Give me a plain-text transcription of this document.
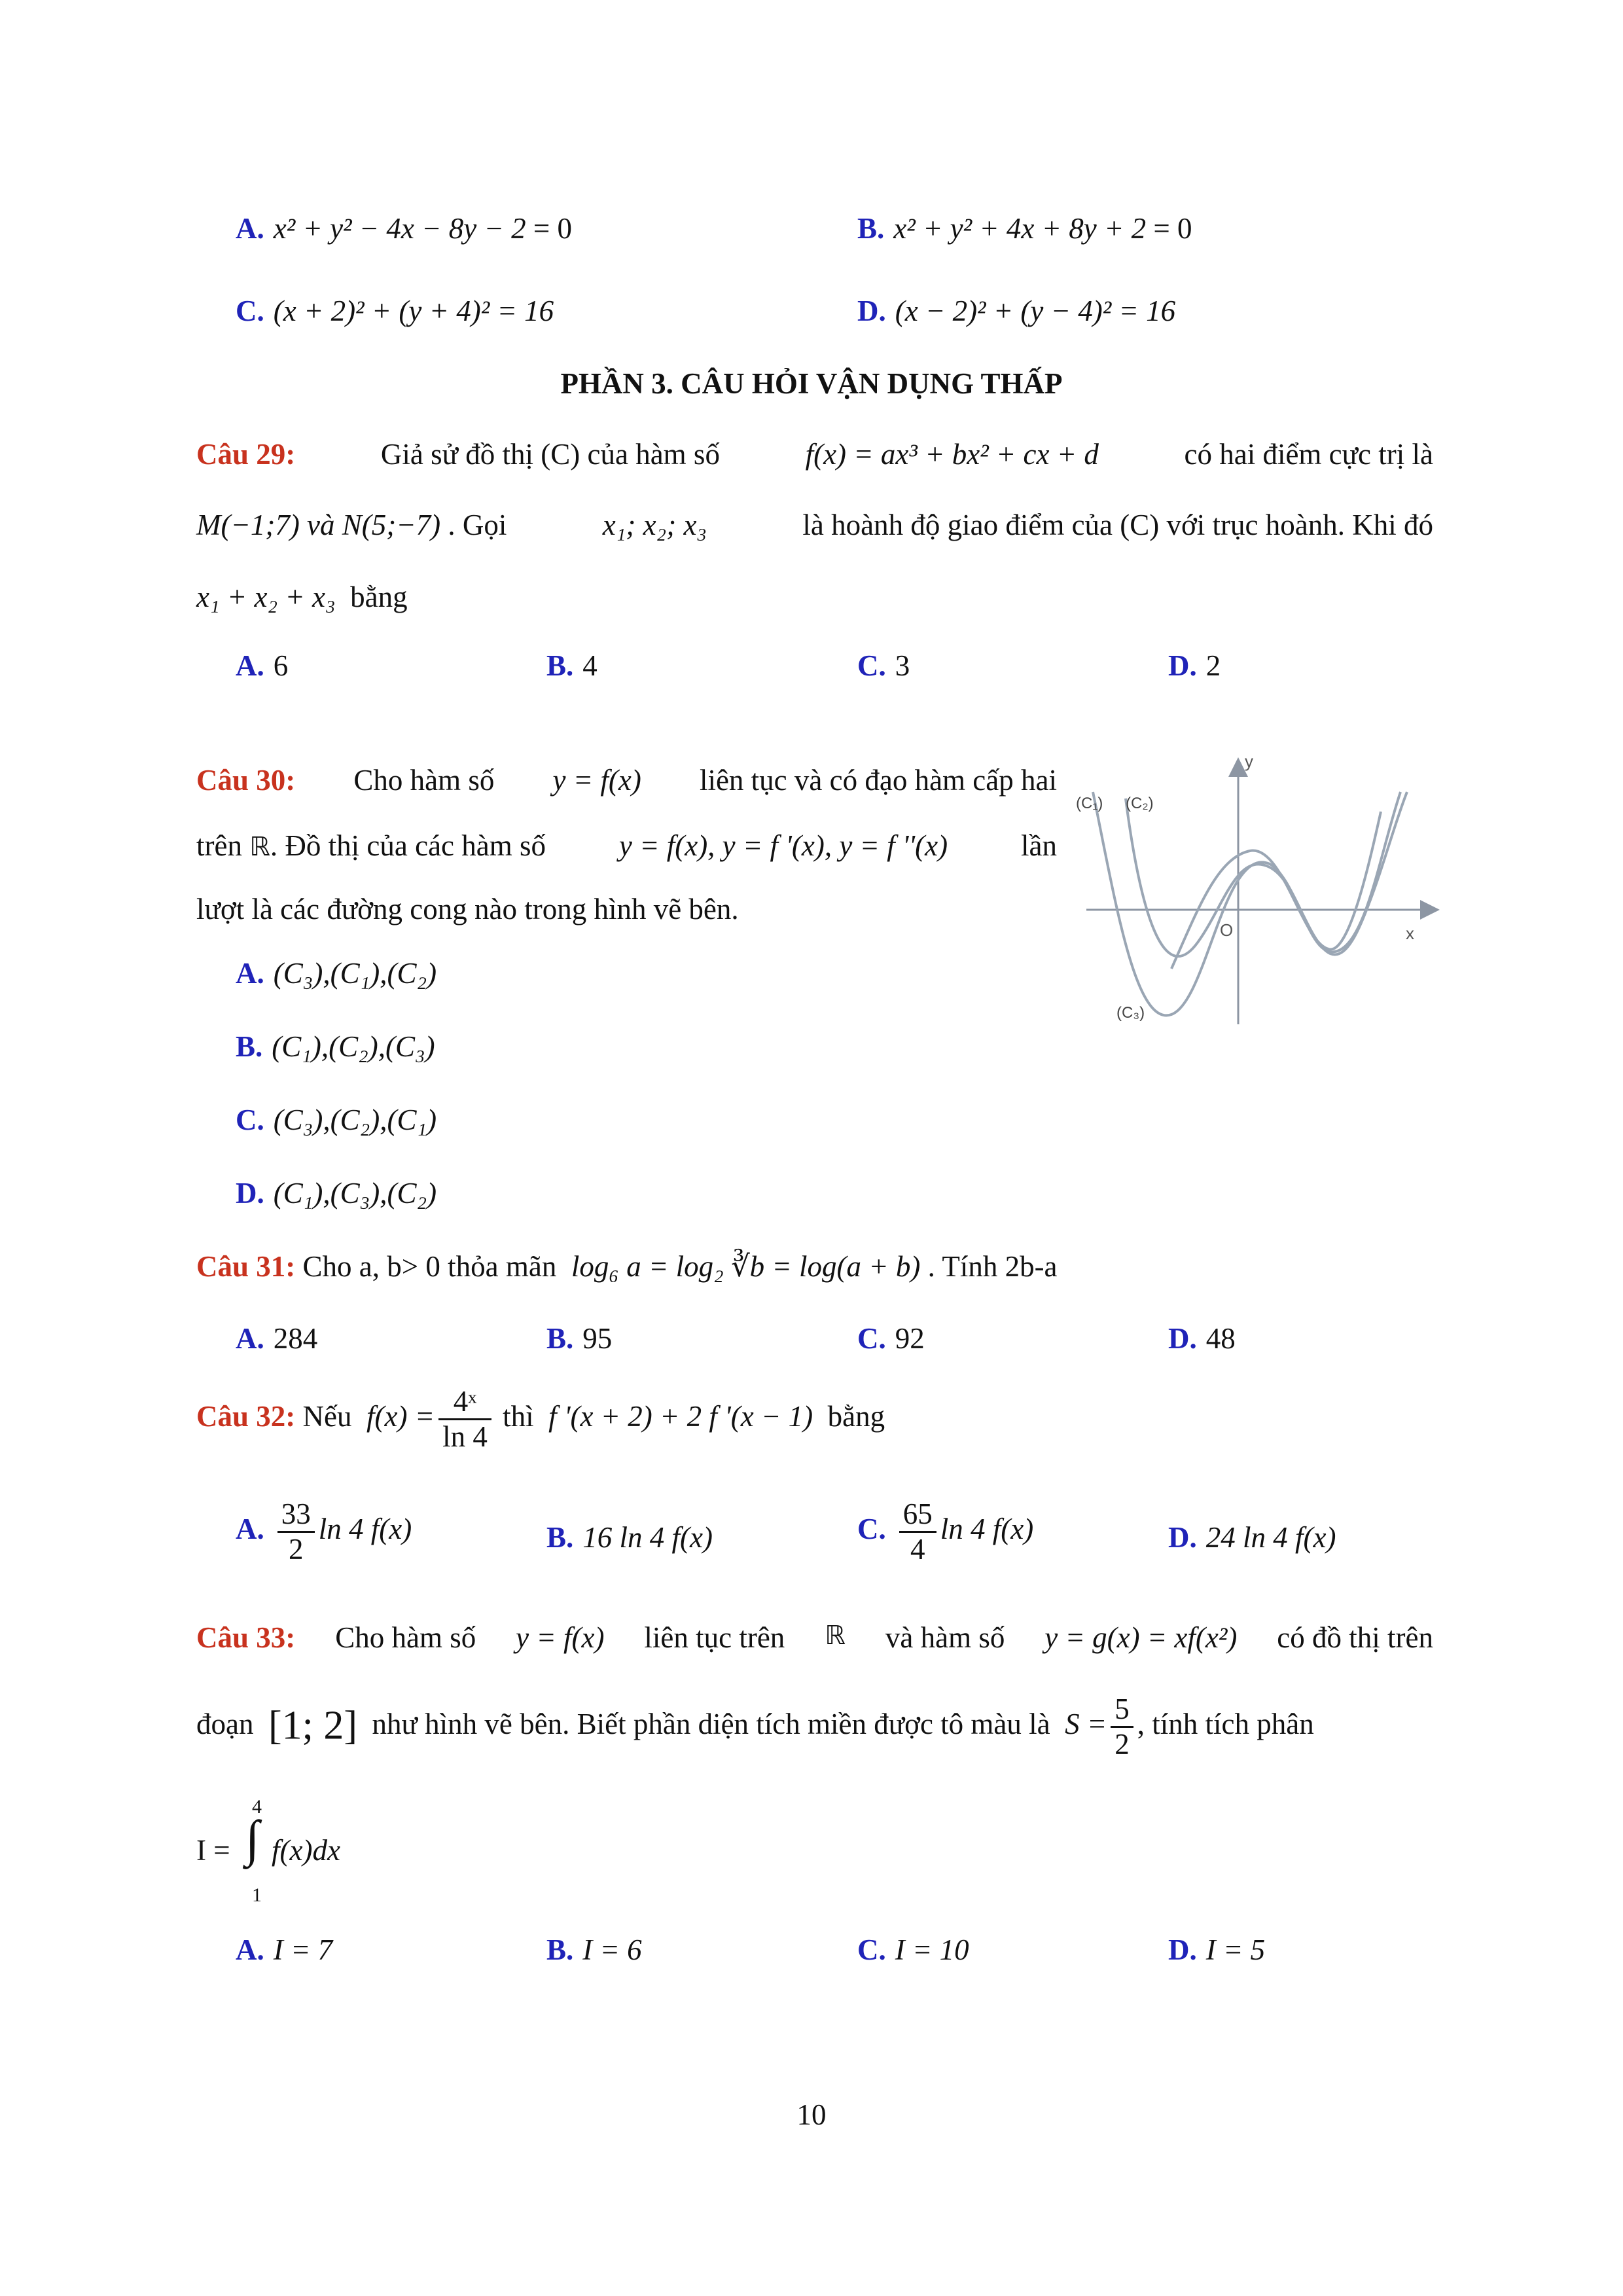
A. x² + y² − 4x − 8y − 2 = 0	B. x² + y² + 4x + 8y + 2 = 0
C. (x + 2)² + (y + 4)² = 16	D. (x − 2)² + (y − 4)² = 16
PHẦN 3. CÂU HỎI VẬN DỤNG THẤP
Câu 29:	Giả sử đồ thị (C) của hàm số	f(x) = ax³ + bx² + cx + d	có hai điểm cực trị là
M(−1;7) và N(5;−7) . Gọi	x₁; x₂; x₃	là hoành độ giao điểm của (C) với trục hoành. Khi đó
x₁ + x₂ + x₃ bằng
A. 6	B. 4	C. 3	D. 2
Câu 30: Cho hàm số y = f(x) liên tục và có đạo hàm cấp hai
trên ℝ. Đồ thị của các hàm số y = f(x), y = f '(x), y = f ''(x) lần
lượt là các đường cong nào trong hình vẽ bên.
A. (C₃),(C₁),(C₂)
B. (C₁),(C₂),(C₃)
C. (C₃),(C₂),(C₁)
D. (C₁),(C₃),(C₂)
y
x
O
(C₁) (C₂)
(C₃)
Câu 31: Cho a, b> 0 thỏa mãn log₆ a = log₂ ∛b = log(a + b) . Tính 2b-a
A. 284	B. 95	C. 92	D. 48
Câu 32: Nếu $f(x) = \frac{\text{4ˣ}}{\ln 4}$ thì f '(x + 2) + 2 f '(x − 1) bằng
A. $\frac{33}{2}$ ln 4 f(x)	B. 16 ln 4 f(x)	C. $\frac{65}{4}$ ln 4 f(x)	D. 24 ln 4 f(x)
Câu 33: Cho hàm số y = f(x) liên tục trên ℝ và hàm số y = g(x) = xf(x²) có đồ thị trên
đoạn [1; 2] như hình vẽ bên. Biết phần diện tích miền được tô màu là $S = \frac{5}{2}$ , tính tích phân
I =
4
∫
1
f(x)dx
A. I = 7	B. I = 6	C. I = 10	D. I = 5
10
